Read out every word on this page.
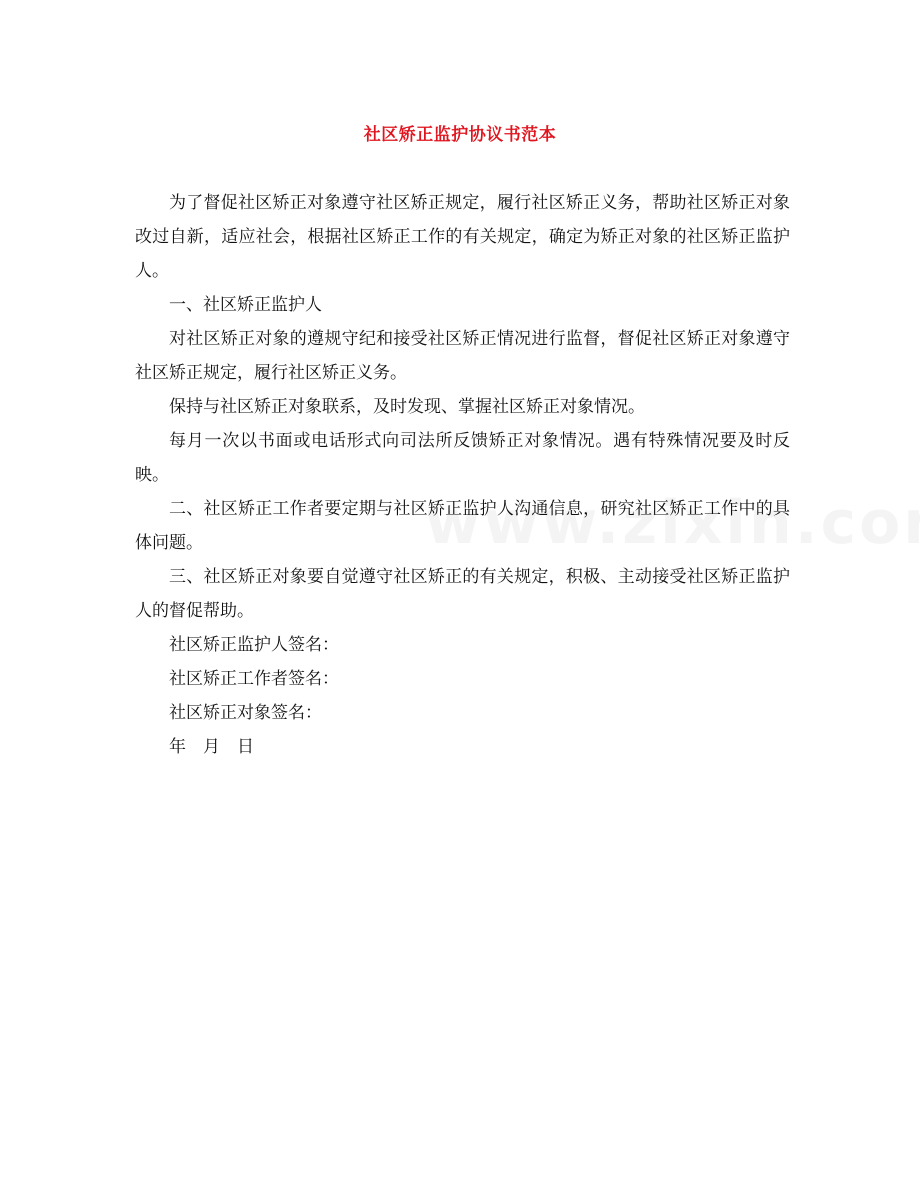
社区矫正监护协议书范本

为了督促社区矫正对象遵守社区矫正规定，履行社区矫正义务，帮助社区矫正对象改过自新，适应社会，根据社区矫正工作的有关规定，确定为矫正对象的社区矫正监护人。

一、社区矫正监护人

对社区矫正对象的遵规守纪和接受社区矫正情况进行监督，督促社区矫正对象遵守社区矫正规定，履行社区矫正义务。

保持与社区矫正对象联系，及时发现、掌握社区矫正对象情况。

每月一次以书面或电话形式向司法所反馈矫正对象情况。遇有特殊情况要及时反映。

二、社区矫正工作者要定期与社区矫正监护人沟通信息，研究社区矫正工作中的具体问题。

三、社区矫正对象要自觉遵守社区矫正的有关规定，积极、主动接受社区矫正监护人的督促帮助。

社区矫正监护人签名：

社区矫正工作者签名：

社区矫正对象签名：

年 月 日
